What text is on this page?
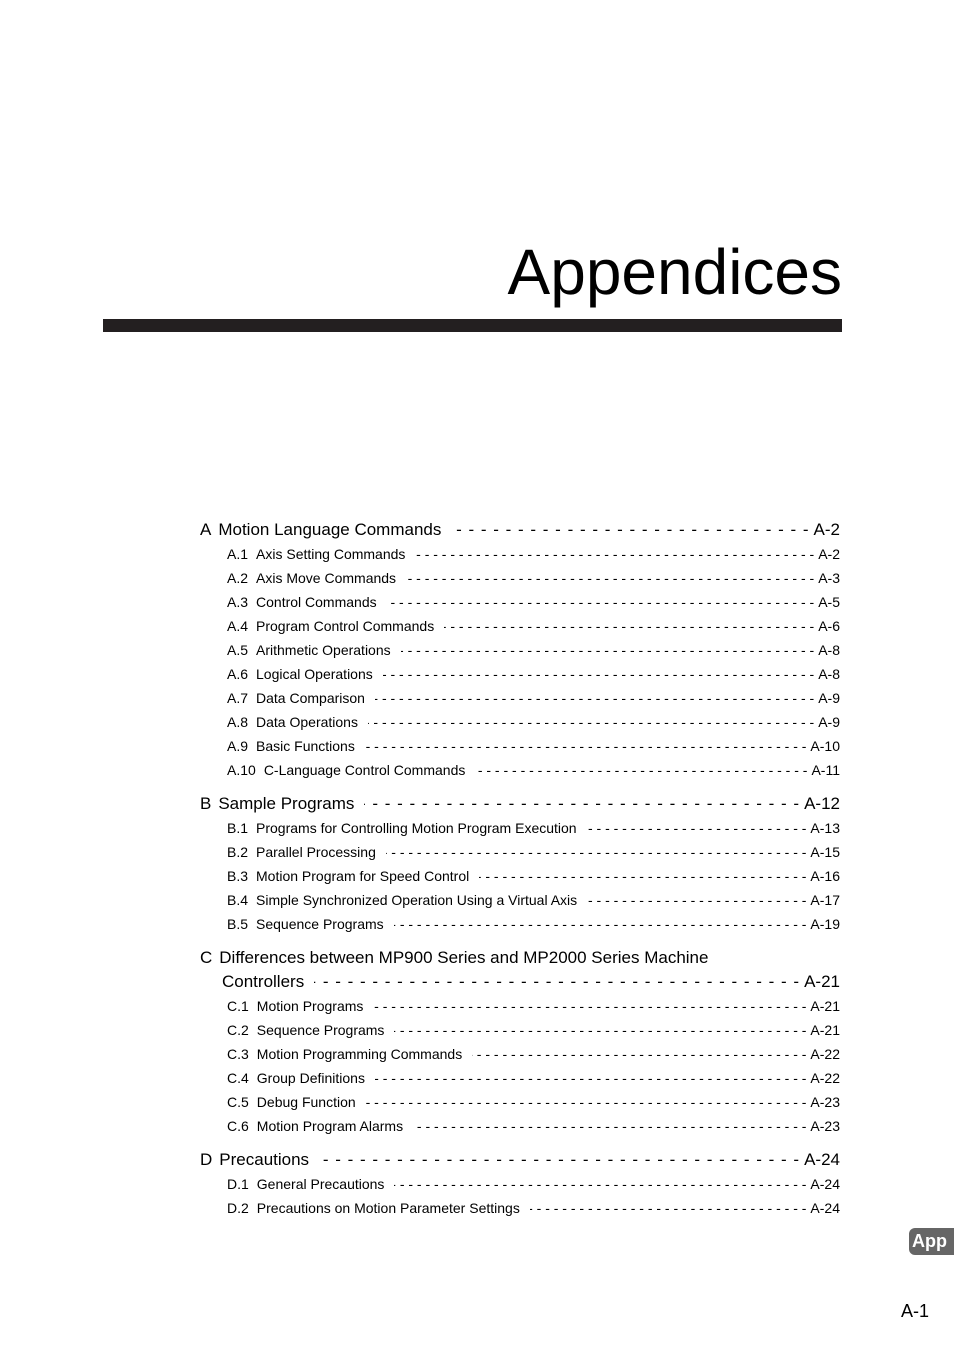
Appendices
A Motion Language Commands - - -	A-2
A.1 Axis Setting Commands - - -	A-2
A.2 Axis Move Commands - - -	A-3
A.3 Control Commands - - -	A-5
A.4 Program Control Commands - - -	A-6
A.5 Arithmetic Operations - - -	A-8
A.6 Logical Operations - - -	A-8
A.7 Data Comparison - - -	A-9
A.8 Data Operations - - -	A-9
A.9 Basic Functions - - -	A-10
A.10 C-Language Control Commands - - -	A-11
B Sample Programs - - -	A-12
B.1 Programs for Controlling Motion Program Execution - - -	A-13
B.2 Parallel Processing - - -	A-15
B.3 Motion Program for Speed Control - - -	A-16
B.4 Simple Synchronized Operation Using a Virtual Axis - - -	A-17
B.5 Sequence Programs - - -	A-19
C Differences between MP900 Series and MP2000 Series Machine
Controllers - - -	A-21
C.1 Motion Programs - - -	A-21
C.2 Sequence Programs - - -	A-21
C.3 Motion Programming Commands - - -	A-22
C.4 Group Definitions - - -	A-22
C.5 Debug Function - - -	A-23
C.6 Motion Program Alarms - - -	A-23
D Precautions - - -	A-24
D.1 General Precautions - - -	A-24
D.2 Precautions on Motion Parameter Settings - - -	A-24
App
A-1
